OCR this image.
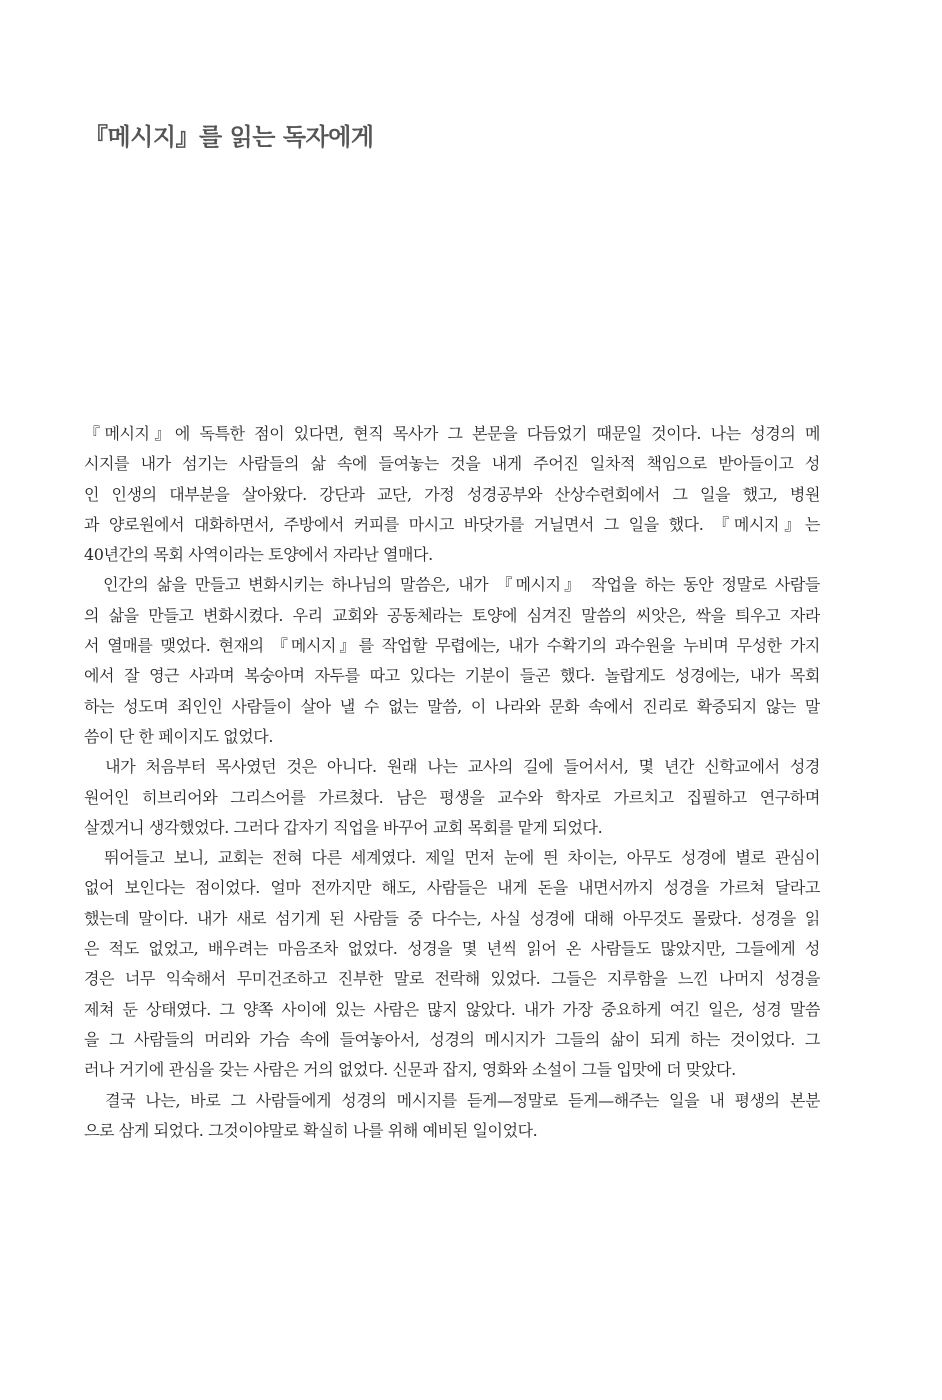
『메시지』를 읽는 독자에게

『메시지』에 독특한 점이 있다면, 현직 목사가 그 본문을 다듬었기 때문일 것이다. 나는 성경의 메
시지를 내가 섬기는 사람들의 삶 속에 들여놓는 것을 내게 주어진 일차적 책임으로 받아들이고 성
인 인생의 대부분을 살아왔다. 강단과 교단, 가정 성경공부와 산상수련회에서 그 일을 했고, 병원
과 양로원에서 대화하면서, 주방에서 커피를 마시고 바닷가를 거닐면서 그 일을 했다. 『메시지』는
40년간의 목회 사역이라는 토양에서 자라난 열매다.

　인간의 삶을 만들고 변화시키는 하나님의 말씀은, 내가 『메시지』 작업을 하는 동안 정말로 사람들
의 삶을 만들고 변화시켰다. 우리 교회와 공동체라는 토양에 심겨진 말씀의 씨앗은, 싹을 틔우고 자라
서 열매를 맺었다. 현재의 『메시지』를 작업할 무렵에는, 내가 수확기의 과수원을 누비며 무성한 가지
에서 잘 영근 사과며 복숭아며 자두를 따고 있다는 기분이 들곤 했다. 놀랍게도 성경에는, 내가 목회
하는 성도며 죄인인 사람들이 살아 낼 수 없는 말씀, 이 나라와 문화 속에서 진리로 확증되지 않는 말
씀이 단 한 페이지도 없었다.

　내가 처음부터 목사였던 것은 아니다. 원래 나는 교사의 길에 들어서서, 몇 년간 신학교에서 성경
원어인 히브리어와 그리스어를 가르쳤다. 남은 평생을 교수와 학자로 가르치고 집필하고 연구하며
살겠거니 생각했었다. 그러다 갑자기 직업을 바꾸어 교회 목회를 맡게 되었다.

　뛰어들고 보니, 교회는 전혀 다른 세계였다. 제일 먼저 눈에 띈 차이는, 아무도 성경에 별로 관심이
없어 보인다는 점이었다. 얼마 전까지만 해도, 사람들은 내게 돈을 내면서까지 성경을 가르쳐 달라고
했는데 말이다. 내가 새로 섬기게 된 사람들 중 다수는, 사실 성경에 대해 아무것도 몰랐다. 성경을 읽
은 적도 없었고, 배우려는 마음조차 없었다. 성경을 몇 년씩 읽어 온 사람들도 많았지만, 그들에게 성
경은 너무 익숙해서 무미건조하고 진부한 말로 전락해 있었다. 그들은 지루함을 느낀 나머지 성경을
제쳐 둔 상태였다. 그 양쪽 사이에 있는 사람은 많지 않았다. 내가 가장 중요하게 여긴 일은, 성경 말씀
을 그 사람들의 머리와 가슴 속에 들여놓아서, 성경의 메시지가 그들의 삶이 되게 하는 것이었다. 그
러나 거기에 관심을 갖는 사람은 거의 없었다. 신문과 잡지, 영화와 소설이 그들 입맛에 더 맞았다.

　결국 나는, 바로 그 사람들에게 성경의 메시지를 듣게—정말로 듣게—해주는 일을 내 평생의 본분
으로 삼게 되었다. 그것이야말로 확실히 나를 위해 예비된 일이었다.
